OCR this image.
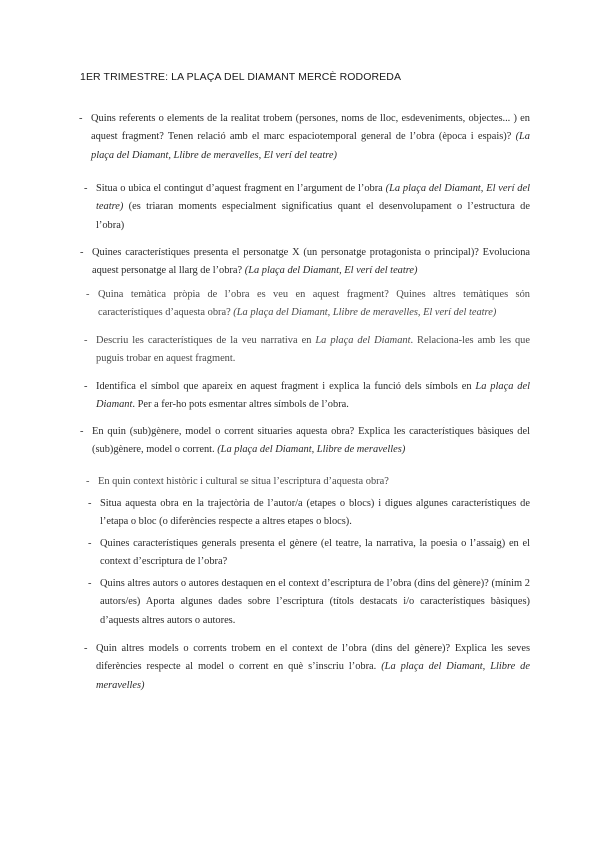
1ER TRIMESTRE: LA PLAÇA DEL DIAMANT MERCÈ RODOREDA
- Quins referents o elements de la realitat trobem (persones, noms de lloc, esdeveniments, objectes... ) en aquest fragment? Tenen relació amb el marc espaciotemporal general de l’obra (època i espais)? (La plaça del Diamant, Llibre de meravelles, El verí del teatre)
- Situa o ubica el contingut d’aquest fragment en l’argument de l’obra (La plaça del Diamant, El verí del teatre) (es triaran moments especialment significatius quant el desenvolupament o l’estructura de l’obra)
- Quines característiques presenta el personatge X (un personatge protagonista o principal)? Evoluciona aquest personatge al llarg de l’obra? (La plaça del Diamant, El verí del teatre)
- Quina temàtica pròpia de l’obra es veu en aquest fragment? Quines altres temàtiques són característiques d’aquesta obra? (La plaça del Diamant, Llibre de meravelles, El verí del teatre)
- Descriu les característiques de la veu narrativa en La plaça del Diamant. Relaciona-les amb les que puguis trobar en aquest fragment.
- Identifica el símbol que apareix en aquest fragment i explica la funció dels símbols en La plaça del Diamant. Per a fer-ho pots esmentar altres símbols de l’obra.
- En quin (sub)gènere, model o corrent situaries aquesta obra? Explica les característiques bàsiques del (sub)gènere, model o corrent. (La plaça del Diamant, Llibre de meravelles)
- En quin context històric i cultural se situa l’escriptura d’aquesta obra?
- Situa aquesta obra en la trajectòria de l’autor/a (etapes o blocs) i digues algunes característiques de l’etapa o bloc (o diferències respecte a altres etapes o blocs).
- Quines característiques generals presenta el gènere (el teatre, la narrativa, la poesia o l’assaig) en el context d’escriptura de l’obra?
- Quins altres autors o autores destaquen en el context d’escriptura de l’obra (dins del gènere)? (mínim 2 autors/es) Aporta algunes dades sobre l’escriptura (títols destacats i/o característiques bàsiques) d’aquests altres autors o autores.
- Quin altres models o corrents trobem en el context de l’obra (dins del gènere)? Explica les seves diferències respecte al model o corrent en què s’inscriu l’obra. (La plaça del Diamant, Llibre de meravelles)
